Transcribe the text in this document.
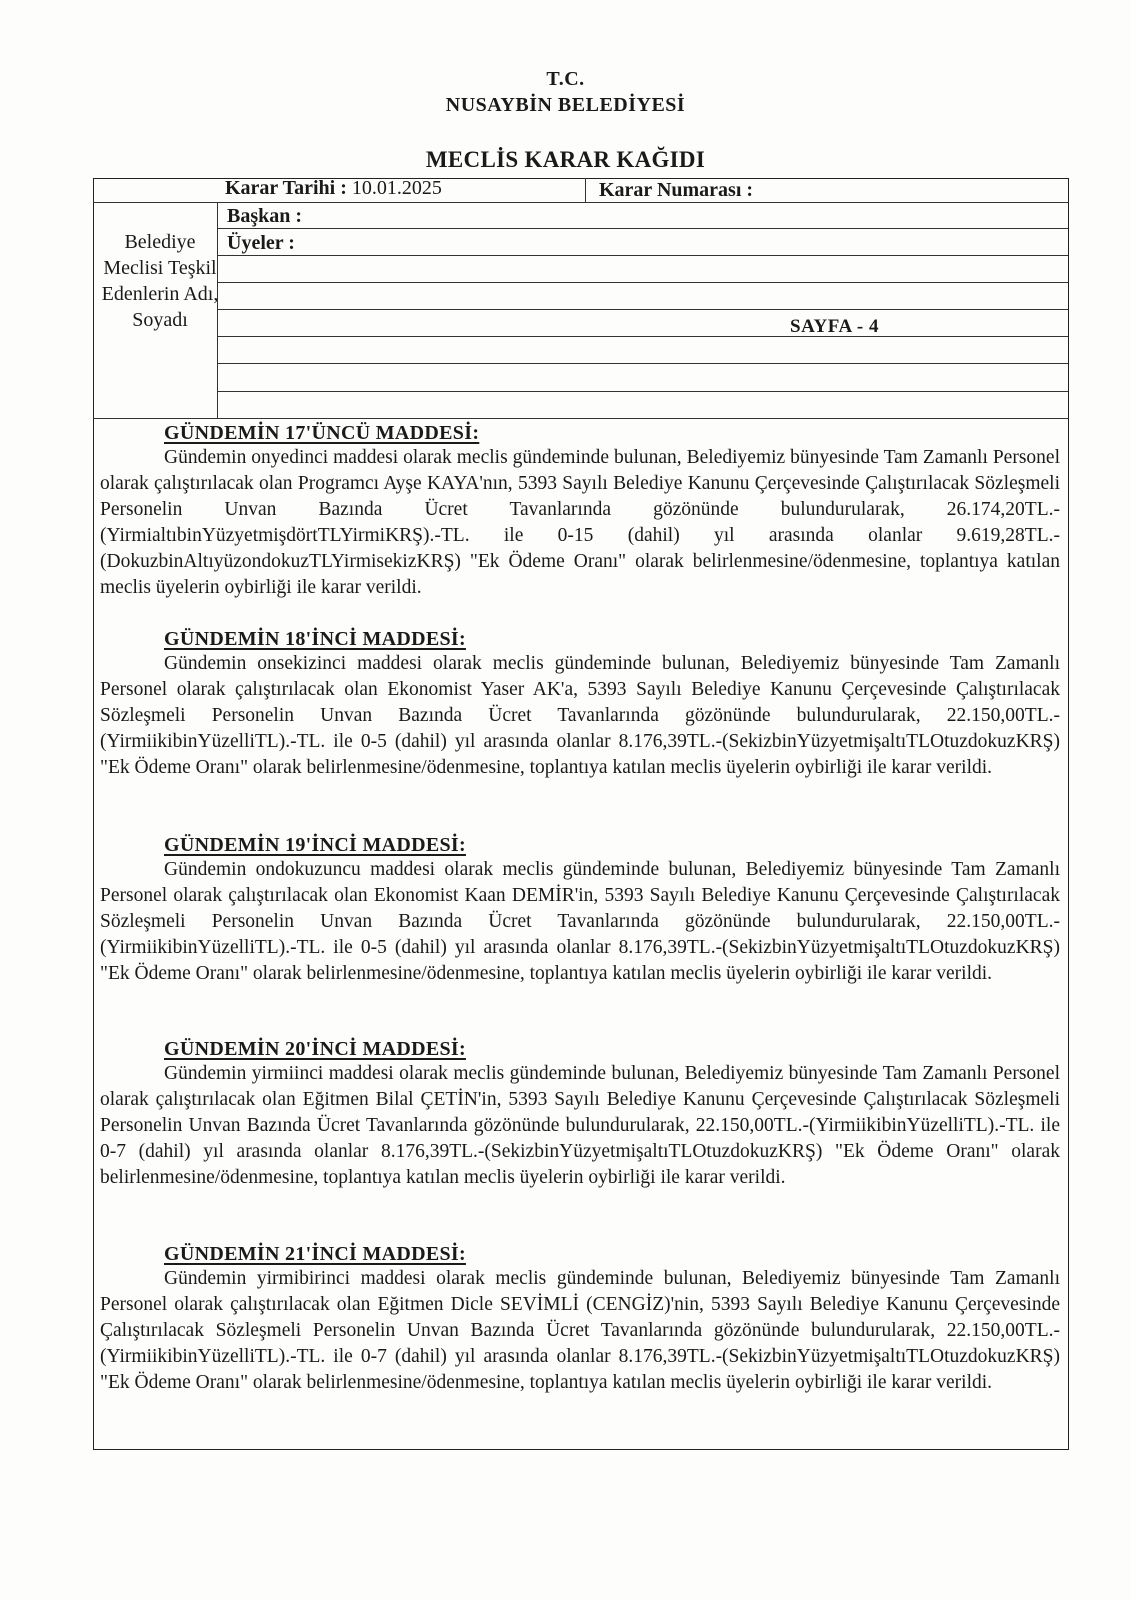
T.C.
NUSAYBİN BELEDİYESİ
MECLİS KARAR KAĞIDI
Karar Tarihi : 10.01.2025	Karar Numarası :
Başkan :
Üyeler :
Belediye Meclisi Teşkil Edenlerin Adı, Soyadı	SAYFA - 4
GÜNDEMİN 17'ÜNCÜ MADDESİ:

Gündemin onyedinci maddesi olarak meclis gündeminde bulunan, Belediyemiz bünyesinde Tam Zamanlı Personel olarak çalıştırılacak olan Programcı Ayşe KAYA'nın, 5393 Sayılı Belediye Kanunu Çerçevesinde Çalıştırılacak Sözleşmeli Personelin Unvan Bazında Ücret Tavanlarında gözönünde bulundurularak, 26.174,20TL.-(YirmialtıbinYüzyetmişdörtTLYirmiKRŞ).-TL. ile 0-15 (dahil) yıl arasında olanlar 9.619,28TL.-(DokuzbinAltıyüzondokuzTLYirmisekizKRŞ) "Ek Ödeme Oranı" olarak belirlenmesine/ödenmesine, toplantıya katılan meclis üyelerin oybirliği ile karar verildi.

GÜNDEMİN 18'İNCİ MADDESİ:

Gündemin onsekizinci maddesi olarak meclis gündeminde bulunan, Belediyemiz bünyesinde Tam Zamanlı Personel olarak çalıştırılacak olan Ekonomist Yaser AK'a, 5393 Sayılı Belediye Kanunu Çerçevesinde Çalıştırılacak Sözleşmeli Personelin Unvan Bazında Ücret Tavanlarında gözönünde bulundurularak, 22.150,00TL.-(YirmiikibinYüzelliTL).-TL. ile 0-5 (dahil) yıl arasında olanlar 8.176,39TL.-(SekizbinYüzyetmişaltıTLOtuzdokuzKRŞ) "Ek Ödeme Oranı" olarak belirlenmesine/ödenmesine, toplantıya katılan meclis üyelerin oybirliği ile karar verildi.

GÜNDEMİN 19'İNCİ MADDESİ:

Gündemin ondokuzuncu maddesi olarak meclis gündeminde bulunan, Belediyemiz bünyesinde Tam Zamanlı Personel olarak çalıştırılacak olan Ekonomist Kaan DEMİR'in, 5393 Sayılı Belediye Kanunu Çerçevesinde Çalıştırılacak Sözleşmeli Personelin Unvan Bazında Ücret Tavanlarında gözönünde bulundurularak, 22.150,00TL.-(YirmiikibinYüzelliTL).-TL. ile 0-5 (dahil) yıl arasında olanlar 8.176,39TL.-(SekizbinYüzyetmişaltıTLOtuzdokuzKRŞ) "Ek Ödeme Oranı" olarak belirlenmesine/ödenmesine, toplantıya katılan meclis üyelerin oybirliği ile karar verildi.

GÜNDEMİN 20'İNCİ MADDESİ:

Gündemin yirmiinci maddesi olarak meclis gündeminde bulunan, Belediyemiz bünyesinde Tam Zamanlı Personel olarak çalıştırılacak olan Eğitmen Bilal ÇETİN'in, 5393 Sayılı Belediye Kanunu Çerçevesinde Çalıştırılacak Sözleşmeli Personelin Unvan Bazında Ücret Tavanlarında gözönünde bulundurularak, 22.150,00TL.-(YirmiikibinYüzelliTL).-TL. ile 0-7 (dahil) yıl arasında olanlar 8.176,39TL.-(SekizbinYüzyetmişaltıTLOtuzdokuzKRŞ) "Ek Ödeme Oranı" olarak belirlenmesine/ödenmesine, toplantıya katılan meclis üyelerin oybirliği ile karar verildi.

GÜNDEMİN 21'İNCİ MADDESİ:

Gündemin yirmibirinci maddesi olarak meclis gündeminde bulunan, Belediyemiz bünyesinde Tam Zamanlı Personel olarak çalıştırılacak olan Eğitmen Dicle SEVİMLİ (CENGİZ)'nin, 5393 Sayılı Belediye Kanunu Çerçevesinde Çalıştırılacak Sözleşmeli Personelin Unvan Bazında Ücret Tavanlarında gözönünde bulundurularak, 22.150,00TL.-(YirmiikibinYüzelliTL).-TL. ile 0-7 (dahil) yıl arasında olanlar 8.176,39TL.-(SekizbinYüzyetmişaltıTLOtuzdokuzKRŞ) "Ek Ödeme Oranı" olarak belirlenmesine/ödenmesine, toplantıya katılan meclis üyelerin oybirliği ile karar verildi.
